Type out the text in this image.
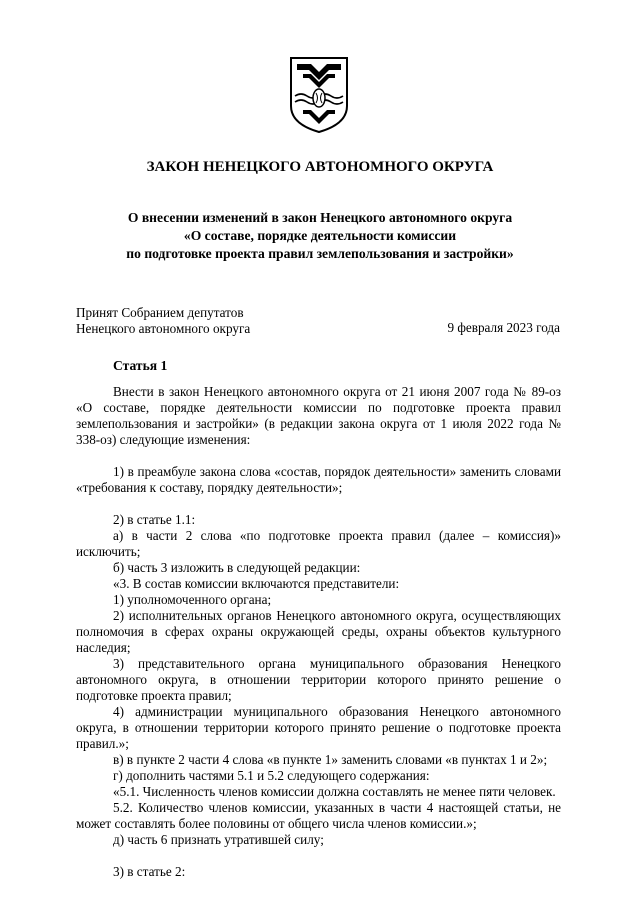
ЗАКОН НЕНЕЦКОГО АВТОНОМНОГО ОКРУГА
О внесении изменений в закон Ненецкого автономного округа
«О составе, порядке деятельности комиссии
по подготовке проекта правил землепользования и застройки»
Принят Собранием депутатов
Ненецкого автономного округа	9 февраля 2023 года
Статья 1

Внести в закон Ненецкого автономного округа от 21 июня 2007 года № 89-оз «О составе, порядке деятельности комиссии по подготовке проекта правил землепользования и застройки» (в редакции закона округа от 1 июля 2022 года № 338-оз) следующие изменения:

1) в преамбуле закона слова «состав, порядок деятельности» заменить словами «требования к составу, порядку деятельности»;

2) в статье 1.1:

а) в части 2 слова «по подготовке проекта правил (далее – комиссия)» исключить;

б) часть 3 изложить в следующей редакции:

«3. В состав комиссии включаются представители:

1) уполномоченного органа;

2) исполнительных органов Ненецкого автономного округа, осуществляющих полномочия в сферах охраны окружающей среды, охраны объектов культурного наследия;

3) представительного органа муниципального образования Ненецкого автономного округа, в отношении территории которого принято решение о подготовке проекта правил;

4) администрации муниципального образования Ненецкого автономного округа, в отношении территории которого принято решение о подготовке проекта правил.»;

в) в пункте 2 части 4 слова «в пункте 1» заменить словами «в пунктах 1 и 2»;

г) дополнить частями 5.1 и 5.2 следующего содержания:

«5.1. Численность членов комиссии должна составлять не менее пяти человек.

5.2. Количество членов комиссии, указанных в части 4 настоящей статьи, не может составлять более половины от общего числа членов комиссии.»;

д) часть 6 признать утратившей силу;

3) в статье 2:
